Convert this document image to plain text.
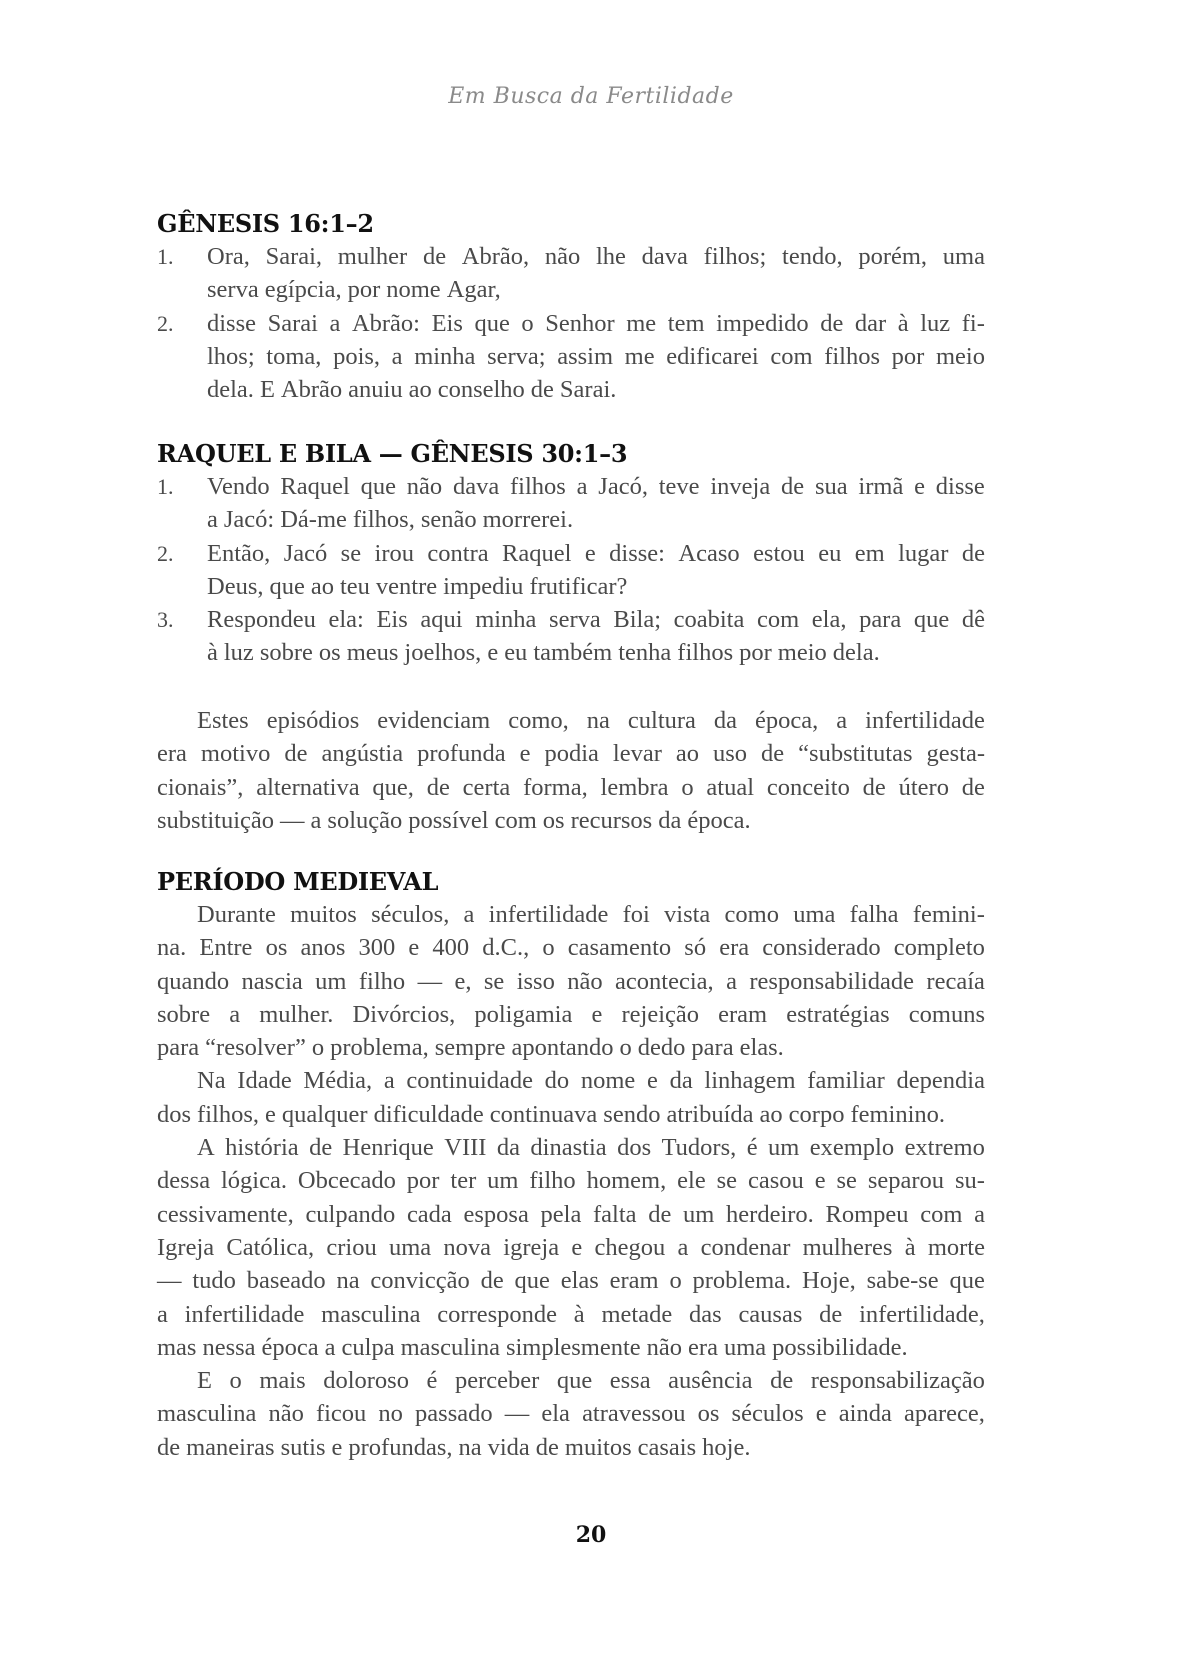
Em Busca da Fertilidade
GÊNESIS 16:1–2
1.	Ora, Sarai, mulher de Abrão, não lhe dava filhos; tendo, porém, uma
serva egípcia, por nome Agar,
2.	disse Sarai a Abrão: Eis que o Senhor me tem impedido de dar à luz fi-
lhos; toma, pois, a minha serva; assim me edificarei com filhos por meio
dela. E Abrão anuiu ao conselho de Sarai.
RAQUEL E BILA — GÊNESIS 30:1–3
1.	Vendo Raquel que não dava filhos a Jacó, teve inveja de sua irmã e disse
a Jacó: Dá-me filhos, senão morrerei.
2.	Então, Jacó se irou contra Raquel e disse: Acaso estou eu em lugar de
Deus, que ao teu ventre impediu frutificar?
3.	Respondeu ela: Eis aqui minha serva Bila; coabita com ela, para que dê
à luz sobre os meus joelhos, e eu também tenha filhos por meio dela.
Estes episódios evidenciam como, na cultura da época, a infertilidade
era motivo de angústia profunda e podia levar ao uso de “substitutas gesta-
cionais”, alternativa que, de certa forma, lembra o atual conceito de útero de
substituição — a solução possível com os recursos da época.
PERÍODO MEDIEVAL
Durante muitos séculos, a infertilidade foi vista como uma falha femini-
na. Entre os anos 300 e 400 d.C., o casamento só era considerado completo
quando nascia um filho — e, se isso não acontecia, a responsabilidade recaía
sobre a mulher. Divórcios, poligamia e rejeição eram estratégias comuns
para “resolver” o problema, sempre apontando o dedo para elas.
Na Idade Média, a continuidade do nome e da linhagem familiar dependia
dos filhos, e qualquer dificuldade continuava sendo atribuída ao corpo feminino.
A história de Henrique VIII da dinastia dos Tudors, é um exemplo extremo
dessa lógica. Obcecado por ter um filho homem, ele se casou e se separou su-
cessivamente, culpando cada esposa pela falta de um herdeiro. Rompeu com a
Igreja Católica, criou uma nova igreja e chegou a condenar mulheres à morte
— tudo baseado na convicção de que elas eram o problema. Hoje, sabe-se que
a infertilidade masculina corresponde à metade das causas de infertilidade,
mas nessa época a culpa masculina simplesmente não era uma possibilidade.
E o mais doloroso é perceber que essa ausência de responsabilização
masculina não ficou no passado — ela atravessou os séculos e ainda aparece,
de maneiras sutis e profundas, na vida de muitos casais hoje.
20
